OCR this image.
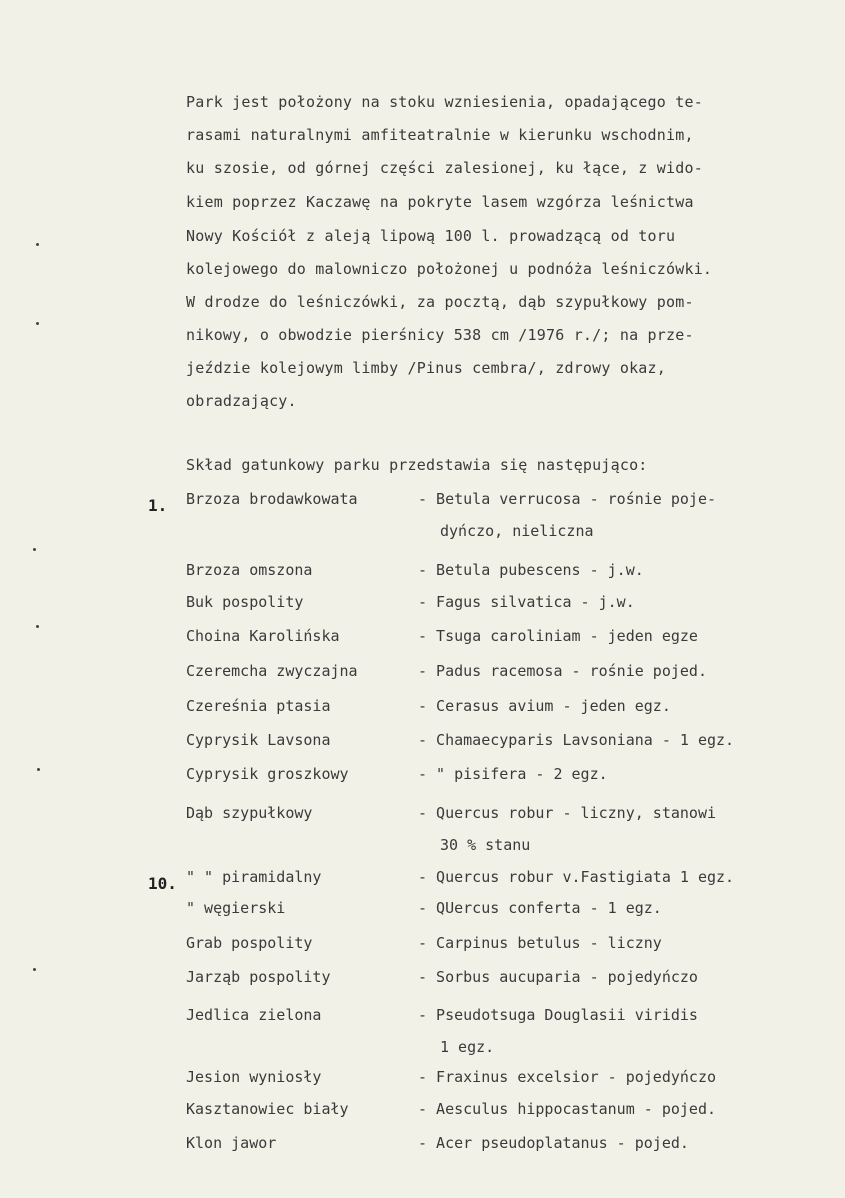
Park jest położony na stoku wzniesienia, opadającego te-
rasami naturalnymi amfiteatralnie w kierunku wschodnim,
ku szosie, od górnej części zalesionej, ku łące, z wido-
kiem poprzez Kaczawę na pokryte lasem wzgórza leśnictwa
Nowy Kościół z aleją lipową 100 l. prowadzącą od toru
kolejowego do malowniczo położonej u podnóża leśniczówki.
W drodze do leśniczówki, za pocztą, dąb szypułkowy pom-
nikowy, o obwodzie pierśnicy 538 cm /1976 r./; na prze-
jeździe kolejowym limby /Pinus cembra/, zdrowy okaz,
obradzający.
Skład gatunkowy parku przedstawia się następująco:
1. Brzoza brodawkowata	- Betula verrucosa - rośnie poje-
dyńczo, nieliczna
Brzoza omszona	- Betula pubescens - j.w.
Buk pospolity	- Fagus silvatica - j.w.
Choina Karolińska	- Tsuga caroliniam - jeden egze
Czeremcha zwyczajna	- Padus racemosa - rośnie pojed.
Czereśnia ptasia	- Cerasus avium - jeden egz.
Cyprysik Lavsona	- Chamaecyparis Lavsoniana - 1 egz.
Cyprysik groszkowy	- " pisifera - 2 egz.
Dąb szypułkowy	- Quercus robur - liczny, stanowi
30 % stanu
10. " " piramidalny	- Quercus robur v.Fastigiata 1 egz.
" węgierski	- QUercus conferta - 1 egz.
Grab pospolity	- Carpinus betulus - liczny
Jarząb pospolity	- Sorbus aucuparia - pojedyńczo
Jedlica zielona	- Pseudotsuga Douglasii viridis
1 egz.
Jesion wyniosły	- Fraxinus excelsior - pojedyńczo
Kasztanowiec biały	- Aesculus hippocastanum - pojed.
Klon jawor	- Acer pseudoplatanus - pojed.
